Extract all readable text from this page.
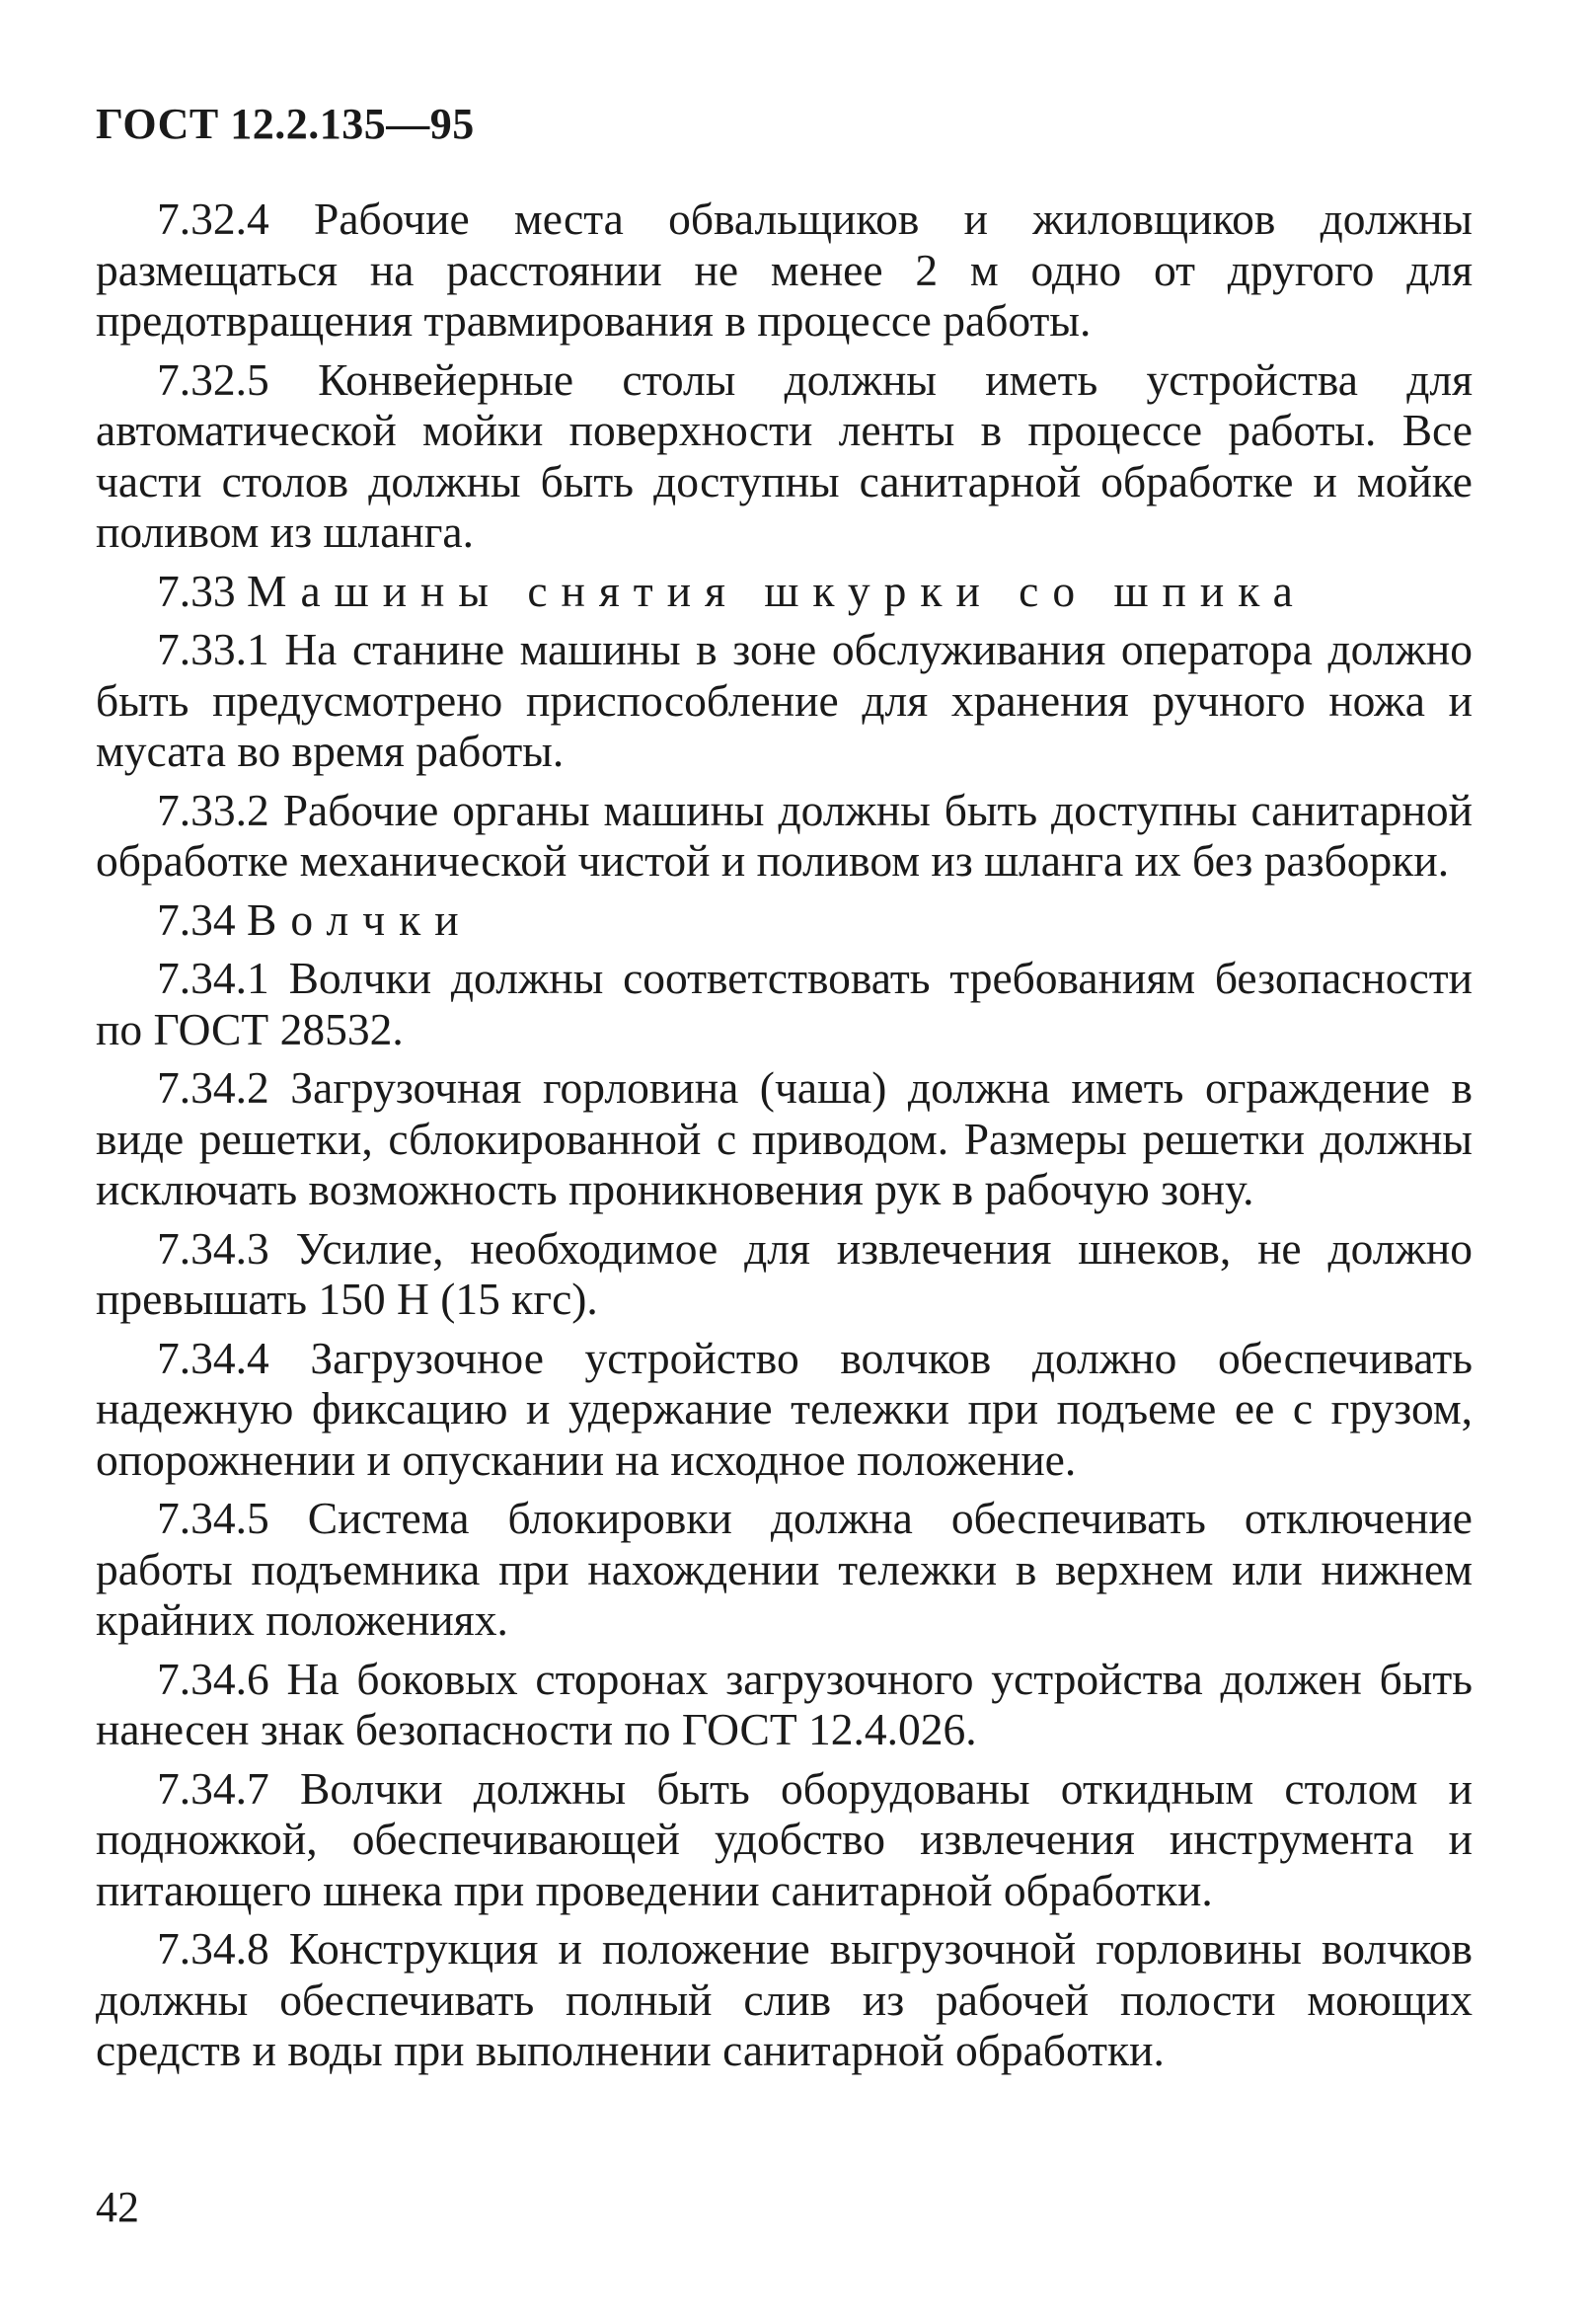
ГОСТ 12.2.135—95

7.32.4 Рабочие места обвальщиков и жиловщиков должны размещаться на расстоянии не менее 2 м одно от другого для предотвращения травмирования в процессе работы.

7.32.5 Конвейерные столы должны иметь устройства для автоматической мойки поверхности ленты в процессе работы. Все части столов должны быть доступны санитарной обработке и мойке поливом из шланга.

7.33 Машины снятия шкурки со шпика

7.33.1 На станине машины в зоне обслуживания оператора должно быть предусмотрено приспособление для хранения ручного ножа и мусата во время работы.

7.33.2 Рабочие органы машины должны быть доступны санитарной обработке механической чистой и поливом из шланга их без разборки.

7.34 Волчки

7.34.1 Волчки должны соответствовать требованиям безопасности по ГОСТ 28532.

7.34.2 Загрузочная горловина (чаша) должна иметь ограждение в виде решетки, сблокированной с приводом. Размеры решетки должны исключать возможность проникновения рук в рабочую зону.

7.34.3 Усилие, необходимое для извлечения шнеков, не должно превышать 150 Н (15 кгс).

7.34.4 Загрузочное устройство волчков должно обеспечивать надежную фиксацию и удержание тележки при подъеме ее с грузом, опорожнении и опускании на исходное положение.

7.34.5 Система блокировки должна обеспечивать отключение работы подъемника при нахождении тележки в верхнем или нижнем крайних положениях.

7.34.6 На боковых сторонах загрузочного устройства должен быть нанесен знак безопасности по ГОСТ 12.4.026.

7.34.7 Волчки должны быть оборудованы откидным столом и подножкой, обеспечивающей удобство извлечения инструмента и питающего шнека при проведении санитарной обработки.

7.34.8 Конструкция и положение выгрузочной горловины волчков должны обеспечивать полный слив из рабочей полости моющих средств и воды при выполнении санитарной обработки.

42
